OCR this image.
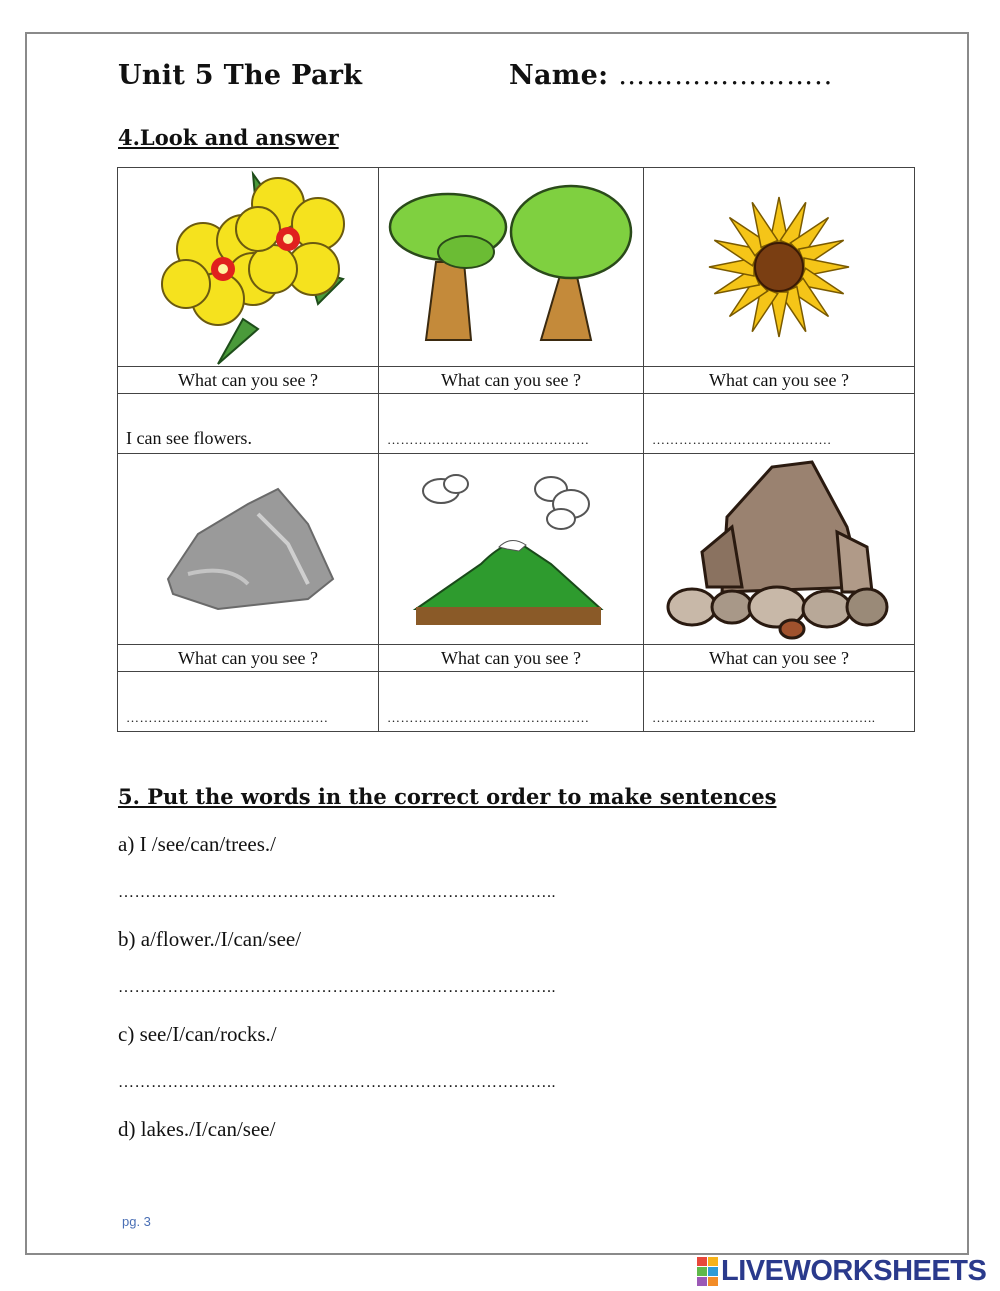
Unit 5 The Park	Name: …………………..
4.Look and answer

What can you see ?	What can you see ?	What can you see ?
I can see flowers.	………………………………………	………………………………….

What can you see ?	What can you see ?	What can you see ?
………………………………………	………………………………………	…………………………………………..
5. Put the words in the correct order to make sentences
a) I /see/can/trees./
……………………………………………………………………..
b) a/flower./I/can/see/
……………………………………………………………………..
c) see/I/can/rocks./
……………………………………………………………………..
d) lakes./I/can/see/
pg. 3
LIVEWORKSHEETS
